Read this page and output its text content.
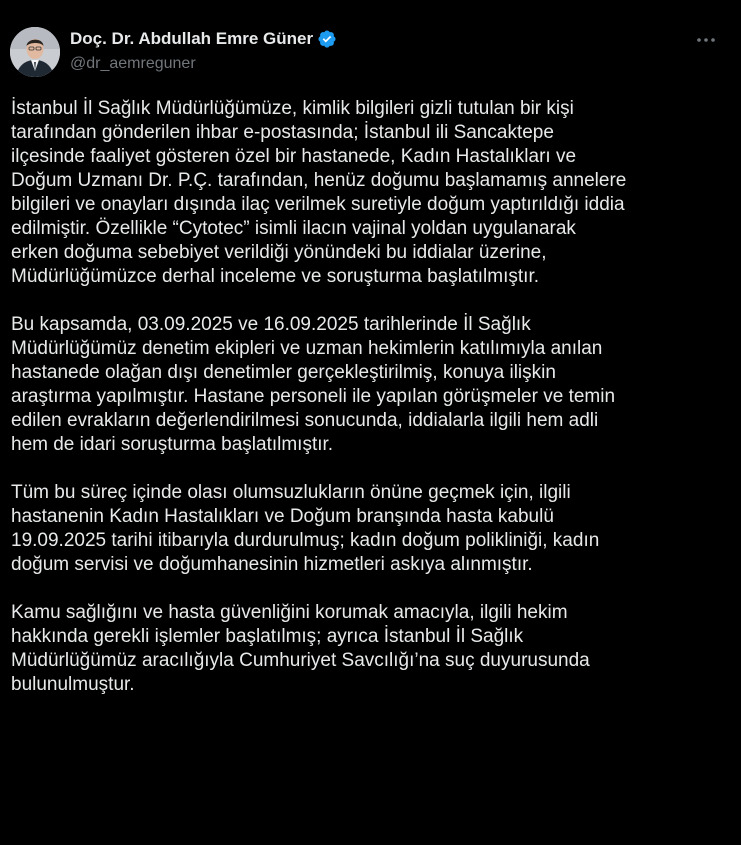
Doç. Dr. Abdullah Emre Güner
@dr_aemreguner
İstanbul İl Sağlık Müdürlüğümüze, kimlik bilgileri gizli tutulan bir kişi
tarafından gönderilen ihbar e-postasında; İstanbul ili Sancaktepe
ilçesinde faaliyet gösteren özel bir hastanede, Kadın Hastalıkları ve
Doğum Uzmanı Dr. P.Ç. tarafından, henüz doğumu başlamamış annelere
bilgileri ve onayları dışında ilaç verilmek suretiyle doğum yaptırıldığı iddia
edilmiştir. Özellikle “Cytotec” isimli ilacın vajinal yoldan uygulanarak
erken doğuma sebebiyet verildiği yönündeki bu iddialar üzerine,
Müdürlüğümüzce derhal inceleme ve soruşturma başlatılmıştır.
Bu kapsamda, 03.09.2025 ve 16.09.2025 tarihlerinde İl Sağlık
Müdürlüğümüz denetim ekipleri ve uzman hekimlerin katılımıyla anılan
hastanede olağan dışı denetimler gerçekleştirilmiş, konuya ilişkin
araştırma yapılmıştır. Hastane personeli ile yapılan görüşmeler ve temin
edilen evrakların değerlendirilmesi sonucunda, iddialarla ilgili hem adli
hem de idari soruşturma başlatılmıştır.
Tüm bu süreç içinde olası olumsuzlukların önüne geçmek için, ilgili
hastanenin Kadın Hastalıkları ve Doğum branşında hasta kabulü
19.09.2025 tarihi itibarıyla durdurulmuş; kadın doğum polikliniği, kadın
doğum servisi ve doğumhanesinin hizmetleri askıya alınmıştır.
Kamu sağlığını ve hasta güvenliğini korumak amacıyla, ilgili hekim
hakkında gerekli işlemler başlatılmış; ayrıca İstanbul İl Sağlık
Müdürlüğümüz aracılığıyla Cumhuriyet Savcılığı’na suç duyurusunda
bulunulmuştur.
